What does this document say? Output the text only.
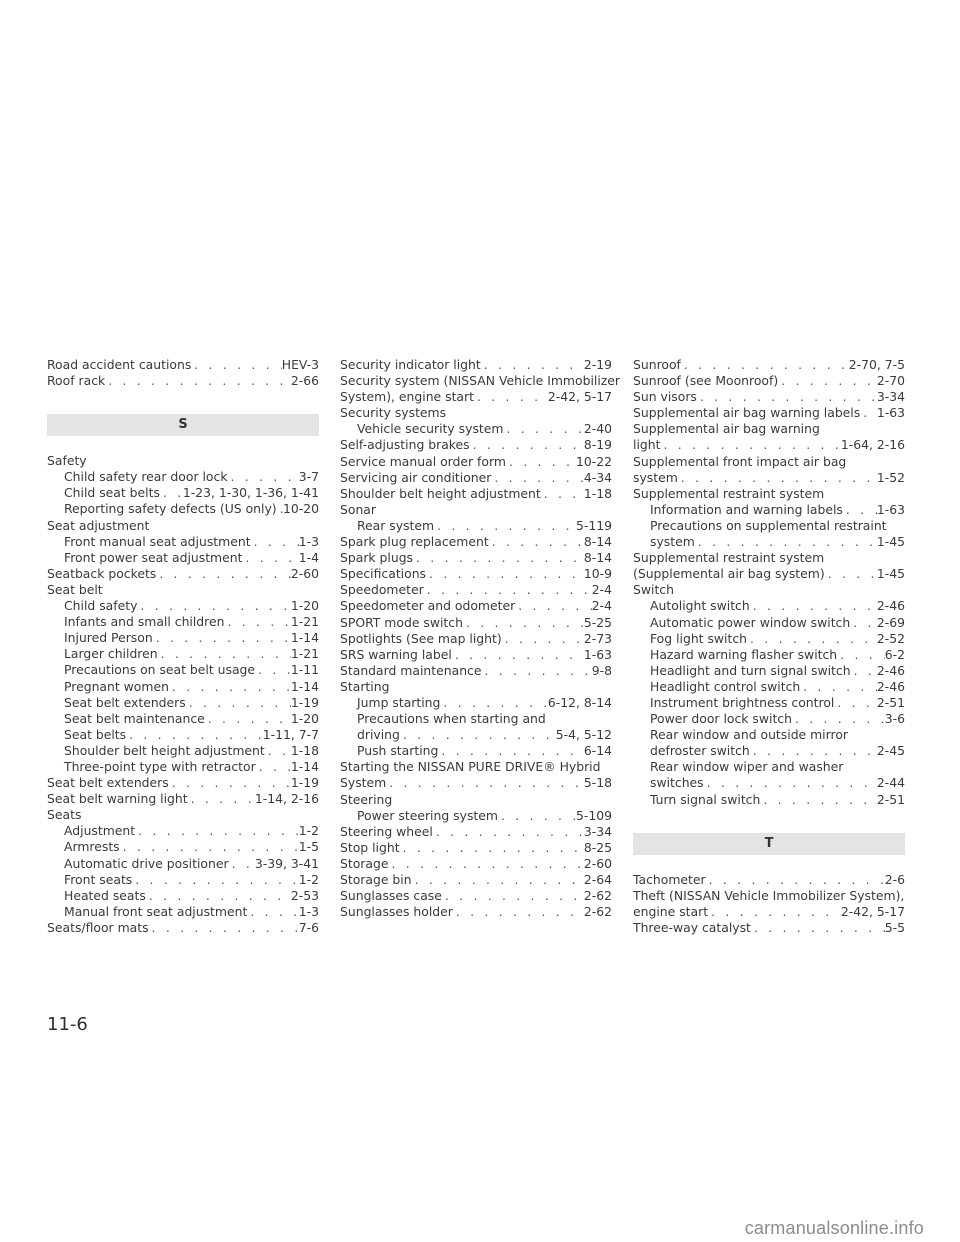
Road accident cautions . . .	HEV-3
Roof rack . . .	2-66
S
Safety
Child safety rear door lock . . .	3-7
Child seat belts . . . 1-23, 1-30, 1-36, 1-41
Reporting safety defects (US only) . . . 10-20
Seat adjustment
Front manual seat adjustment . . .	1-3
Front power seat adjustment . . .	1-4
Seatback pockets . . .	2-60
Seat belt
Child safety . . .	1-20
Infants and small children . . .	1-21
Injured Person . . .	1-14
Larger children . . .	1-21
Precautions on seat belt usage . . .	1-11
Pregnant women . . .	1-14
Seat belt extenders . . .	1-19
Seat belt maintenance . . .	1-20
Seat belts . . .	1-11, 7-7
Shoulder belt height adjustment . . . 1-18
Three-point type with retractor . . .	1-14
Seat belt extenders . . .	1-19
Seat belt warning light . . .	1-14, 2-16
Seats
Adjustment . . .	1-2
Armrests . . .	1-5
Automatic drive positioner . . . 3-39, 3-41
Front seats . . .	1-2
Heated seats . . .	2-53
Manual front seat adjustment . . .	1-3
Seats/floor mats . . .	7-6
Security indicator light . . .	2-19
Security system (NISSAN Vehicle Immobilizer
System), engine start . . .	2-42, 5-17
Security systems
Vehicle security system . . .	2-40
Self-adjusting brakes . . .	8-19
Service manual order form . . .	10-22
Servicing air conditioner . . .	4-34
Shoulder belt height adjustment . . .	1-18
Sonar
Rear system . . .	5-119
Spark plug replacement . . .	8-14
Spark plugs . . .	8-14
Specifications . . .	10-9
Speedometer . . .	2-4
Speedometer and odometer . . .	2-4
SPORT mode switch . . .	5-25
Spotlights (See map light) . . .	2-73
SRS warning label . . .	1-63
Standard maintenance . . .	9-8
Starting
Jump starting . . .	6-12, 8-14
Precautions when starting and
driving . . .	5-4, 5-12
Push starting . . .	6-14
Starting the NISSAN PURE DRIVE® Hybrid
System . . .	5-18
Steering
Power steering system . . .	5-109
Steering wheel . . .	3-34
Stop light . . .	8-25
Storage . . .	2-60
Storage bin . . .	2-64
Sunglasses case . . .	2-62
Sunglasses holder . . .	2-62
Sunroof . . .	2-70, 7-5
Sunroof (see Moonroof) . . .	2-70
Sun visors . . .	3-34
Supplemental air bag warning labels . . . 1-63
Supplemental air bag warning
light . . .	1-64, 2-16
Supplemental front impact air bag
system . . .	1-52
Supplemental restraint system
Information and warning labels . . .	1-63
Precautions on supplemental restraint
system . . .	1-45
Supplemental restraint system
(Supplemental air bag system) . . .	1-45
Switch
Autolight switch . . .	2-46
Automatic power window switch . . . 2-69
Fog light switch . . .	2-52
Hazard warning flasher switch . . .	6-2
Headlight and turn signal switch . . . 2-46
Headlight control switch . . .	2-46
Instrument brightness control . . .	2-51
Power door lock switch . . .	3-6
Rear window and outside mirror
defroster switch . . .	2-45
Rear window wiper and washer
switches . . .	2-44
Turn signal switch . . .	2-51
T
Tachometer . . .	2-6
Theft (NISSAN Vehicle Immobilizer System),
engine start . . .	2-42, 5-17
Three-way catalyst . . .	5-5
11-6
carmanualsonline.info
